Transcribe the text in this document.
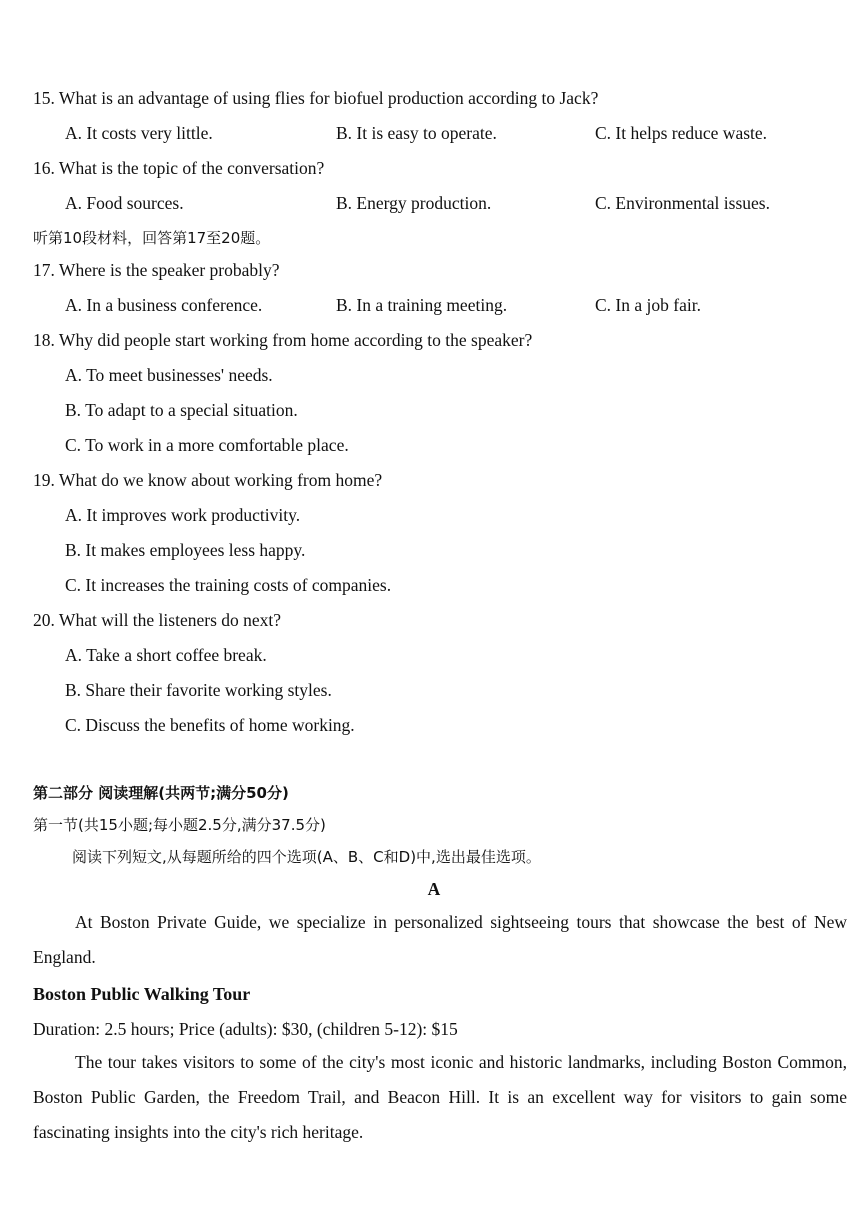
15. What is an advantage of using flies for biofuel production according to Jack?
A. It costs very little.	B. It is easy to operate.	C. It helps reduce waste.
16. What is the topic of the conversation?
A. Food sources.	B. Energy production.	C. Environmental issues.
听第10段材料，回答第17至20题。
17. Where is the speaker probably?
A. In a business conference.	B. In a training meeting.	C. In a job fair.
18. Why did people start working from home according to the speaker?
A. To meet businesses' needs.
B. To adapt to a special situation.
C. To work in a more comfortable place.
19. What do we know about working from home?
A. It improves work productivity.
B. It makes employees less happy.
C. It increases the training costs of companies.
20. What will the listeners do next?
A. Take a short coffee break.
B. Share their favorite working styles.
C. Discuss the benefits of home working.
第二部分 阅读理解(共两节;满分50分)
第一节(共15小题;每小题2.5分,满分37.5分)
阅读下列短文,从每题所给的四个选项(A、B、C和D)中,选出最佳选项。
A

At Boston Private Guide, we specialize in personalized sightseeing tours that showcase the best of New England.

Boston Public Walking Tour
Duration: 2.5 hours; Price (adults): $30, (children 5-12): $15

The tour takes visitors to some of the city's most iconic and historic landmarks, including Boston Common, Boston Public Garden, the Freedom Trail, and Beacon Hill. It is an excellent way for visitors to gain some fascinating insights into the city's rich heritage.
